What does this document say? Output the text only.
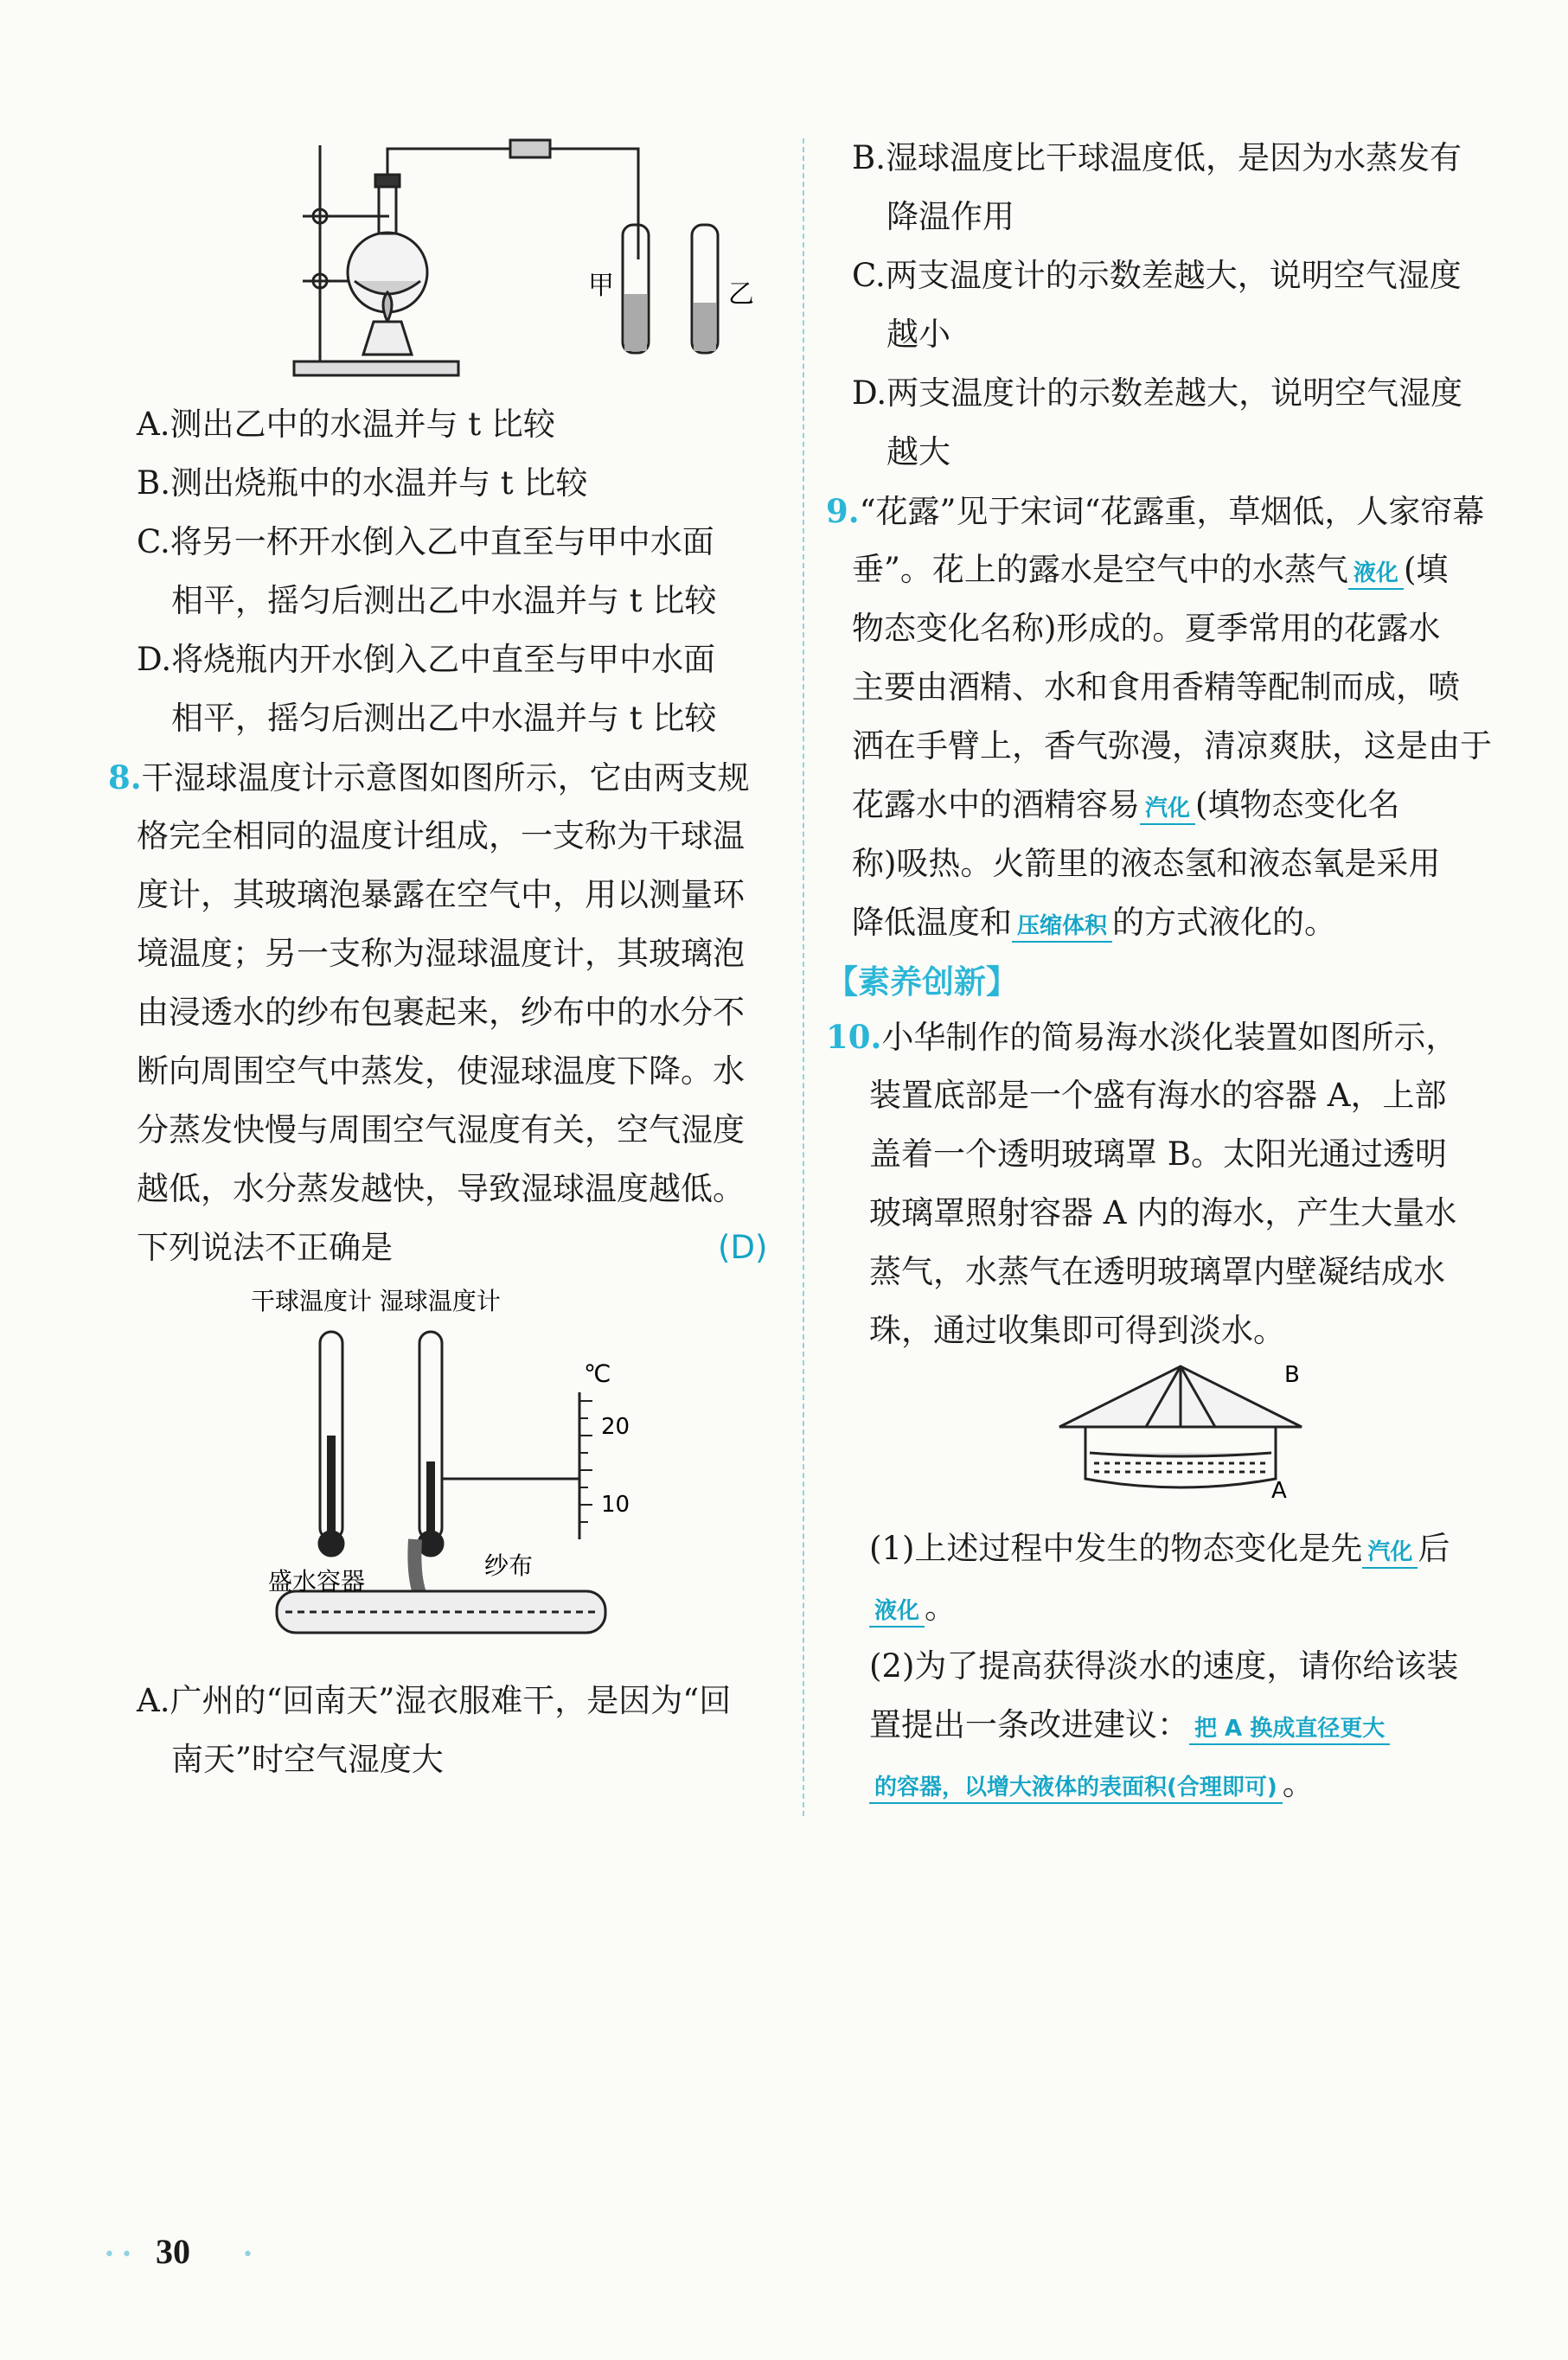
甲	乙
A.测出乙中的水温并与 t 比较
B.测出烧瓶中的水温并与 t 比较
C.将另一杯开水倒入乙中直至与甲中水面
相平，摇匀后测出乙中水温并与 t 比较
D.将烧瓶内开水倒入乙中直至与甲中水面
相平，摇匀后测出乙中水温并与 t 比较
8.干湿球温度计示意图如图所示，它由两支规
格完全相同的温度计组成，一支称为干球温
度计，其玻璃泡暴露在空气中，用以测量环
境温度；另一支称为湿球温度计，其玻璃泡
由浸透水的纱布包裹起来，纱布中的水分不
断向周围空气中蒸发，使湿球温度下降。水
分蒸发快慢与周围空气湿度有关，空气湿度
越低，水分蒸发越快，导致湿球温度越低。
下列说法不正确是	(D)
干球温度计 湿球温度计
℃
20
10
盛水容器
纱布
A.广州的“回南天”湿衣服难干，是因为“回
南天”时空气湿度大
30
• •	•
B.湿球温度比干球温度低，是因为水蒸发有
降温作用
C.两支温度计的示数差越大，说明空气湿度
越小
D.两支温度计的示数差越大，说明空气湿度
越大
9.“花露”见于宋词“花露重，草烟低，人家帘幕
垂”。花上的露水是空气中的水蒸气 液化 (填
物态变化名称)形成的。夏季常用的花露水
主要由酒精、水和食用香精等配制而成，喷
洒在手臂上，香气弥漫，清凉爽肤，这是由于
花露水中的酒精容易 汽化 (填物态变化名
称)吸热。火箭里的液态氢和液态氧是采用
降低温度和 压缩体积 的方式液化的。
【素养创新】
10.小华制作的简易海水淡化装置如图所示，
装置底部是一个盛有海水的容器 A，上部
盖着一个透明玻璃罩 B。太阳光通过透明
玻璃罩照射容器 A 内的海水，产生大量水
蒸气，水蒸气在透明玻璃罩内壁凝结成水
珠，通过收集即可得到淡水。
B
A
(1)上述过程中发生的物态变化是先 汽化 后
液化 。
(2)为了提高获得淡水的速度，请你给该装
置提出一条改进建议： 把 A 换成直径更大
的容器，以增大液体的表面积(合理即可) 。
